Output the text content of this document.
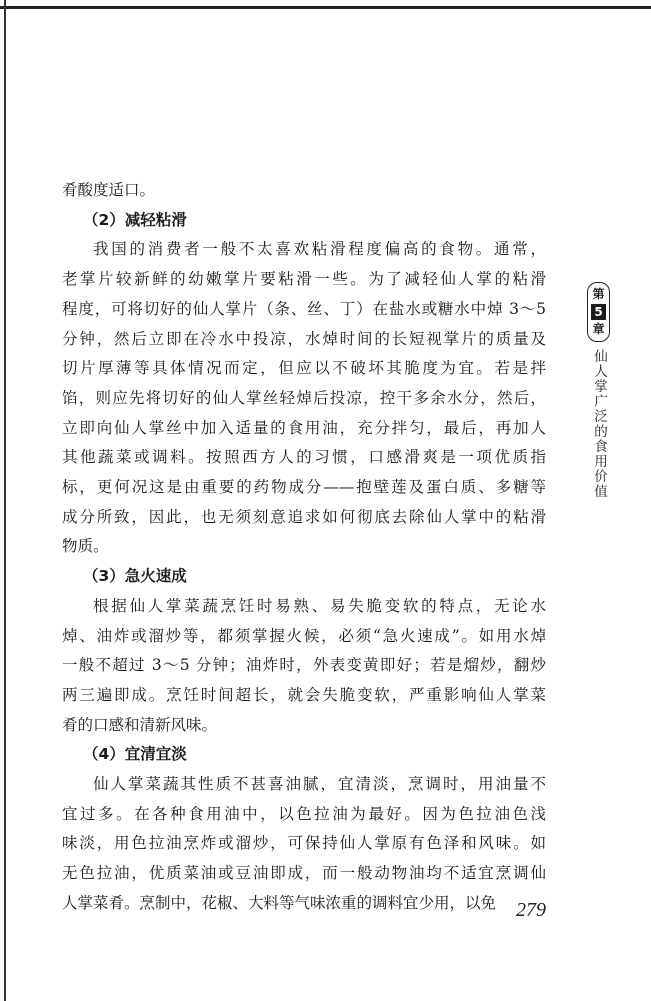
肴酸度适口。

（2）减轻粘滑

我国的消费者一般不太喜欢粘滑程度偏高的食物。通常，

老掌片较新鲜的幼嫩掌片要粘滑一些。为了减轻仙人掌的粘滑

程度，可将切好的仙人掌片（条、丝、丁）在盐水或糖水中焯 3～5

分钟，然后立即在冷水中投凉，水焯时间的长短视掌片的质量及

切片厚薄等具体情况而定，但应以不破坏其脆度为宜。若是拌

馅，则应先将切好的仙人掌丝轻焯后投凉，控干多余水分，然后，

立即向仙人掌丝中加入适量的食用油，充分拌匀，最后，再加人

其他蔬菜或调料。按照西方人的习惯，口感滑爽是一项优质指

标，更何况这是由重要的药物成分——抱壁莲及蛋白质、多糖等

成分所致，因此，也无须刻意追求如何彻底去除仙人掌中的粘滑

物质。

（3）急火速成

根据仙人掌菜蔬烹饪时易熟、易失脆变软的特点，无论水

焯、油炸或溜炒等，都须掌握火候，必须“急火速成”。如用水焯

一般不超过 3～5 分钟；油炸时，外表变黄即好；若是熘炒，翻炒

两三遍即成。烹饪时间超长，就会失脆变软，严重影响仙人掌菜

肴的口感和清新风味。

（4）宜清宜淡

仙人掌菜蔬其性质不甚喜油腻，宜清淡，烹调时，用油量不

宜过多。在各种食用油中，以色拉油为最好。因为色拉油色浅

味淡，用色拉油烹炸或溜炒，可保持仙人掌原有色泽和风味。如

无色拉油，优质菜油或豆油即成，而一般动物油均不适宜烹调仙

人掌菜肴。烹制中，花椒、大料等气味浓重的调料宜少用，以免

第
5
章
仙人掌广泛的食用价值
279
